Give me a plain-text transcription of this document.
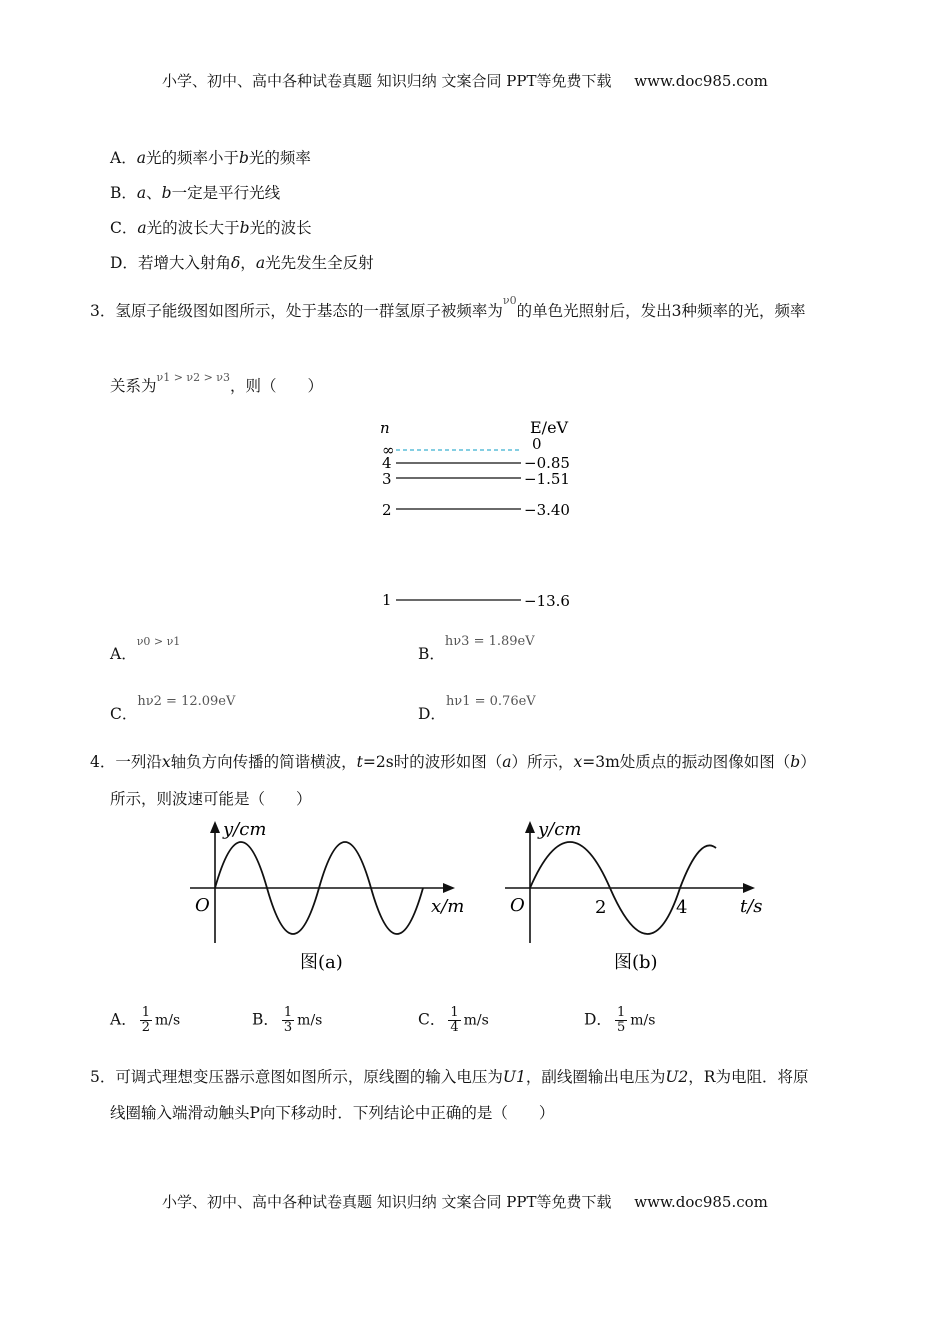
小学、初中、高中各种试卷真题 知识归纳 文案合同 PPT等免费下载 www.doc985.com
A．a光的频率小于b光的频率
B．a、b一定是平行光线
C．a光的波长大于b光的波长
D．若增大入射角δ，a光先发生全反射
3．氢原子能级图如图所示，处于基态的一群氢原子被频率为$^{\nu 0}$的单色光照射后，发出3种频率的光，频率
关系为$^{\nu 1 > \nu 2 > \nu 3}$，则（　　）
n	E/eV
∞	0
4	−0.85
3	−1.51
2	−3.40
1	−13.6
A．$^{\nu 0 > \nu 1}$
B．$^{h\nu 3 = 1.89eV}$
C．$^{h\nu 2 = 12.09eV}$
D．$^{h\nu 1 = 0.76eV}$
4．一列沿x轴负方向传播的简谐横波，t=2s时的波形如图（a）所示，x=3m处质点的振动图像如图（b）
所示，则波速可能是（　　）
y/cm
O	x/m
图(a)
y/cm
O	2	4	t/s
图(b)
A． $\frac{1}{2} m/s$	B． $\frac{1}{3} m/s$	C． $\frac{1}{4} m/s$	D． $\frac{1}{5} m/s$
5．可调式理想变压器示意图如图所示，原线圈的输入电压为U1，副线圈输出电压为U2，R为电阻．将原
线圈输入端滑动触头P向下移动时．下列结论中正确的是（　　）
小学、初中、高中各种试卷真题 知识归纳 文案合同 PPT等免费下载 www.doc985.com
